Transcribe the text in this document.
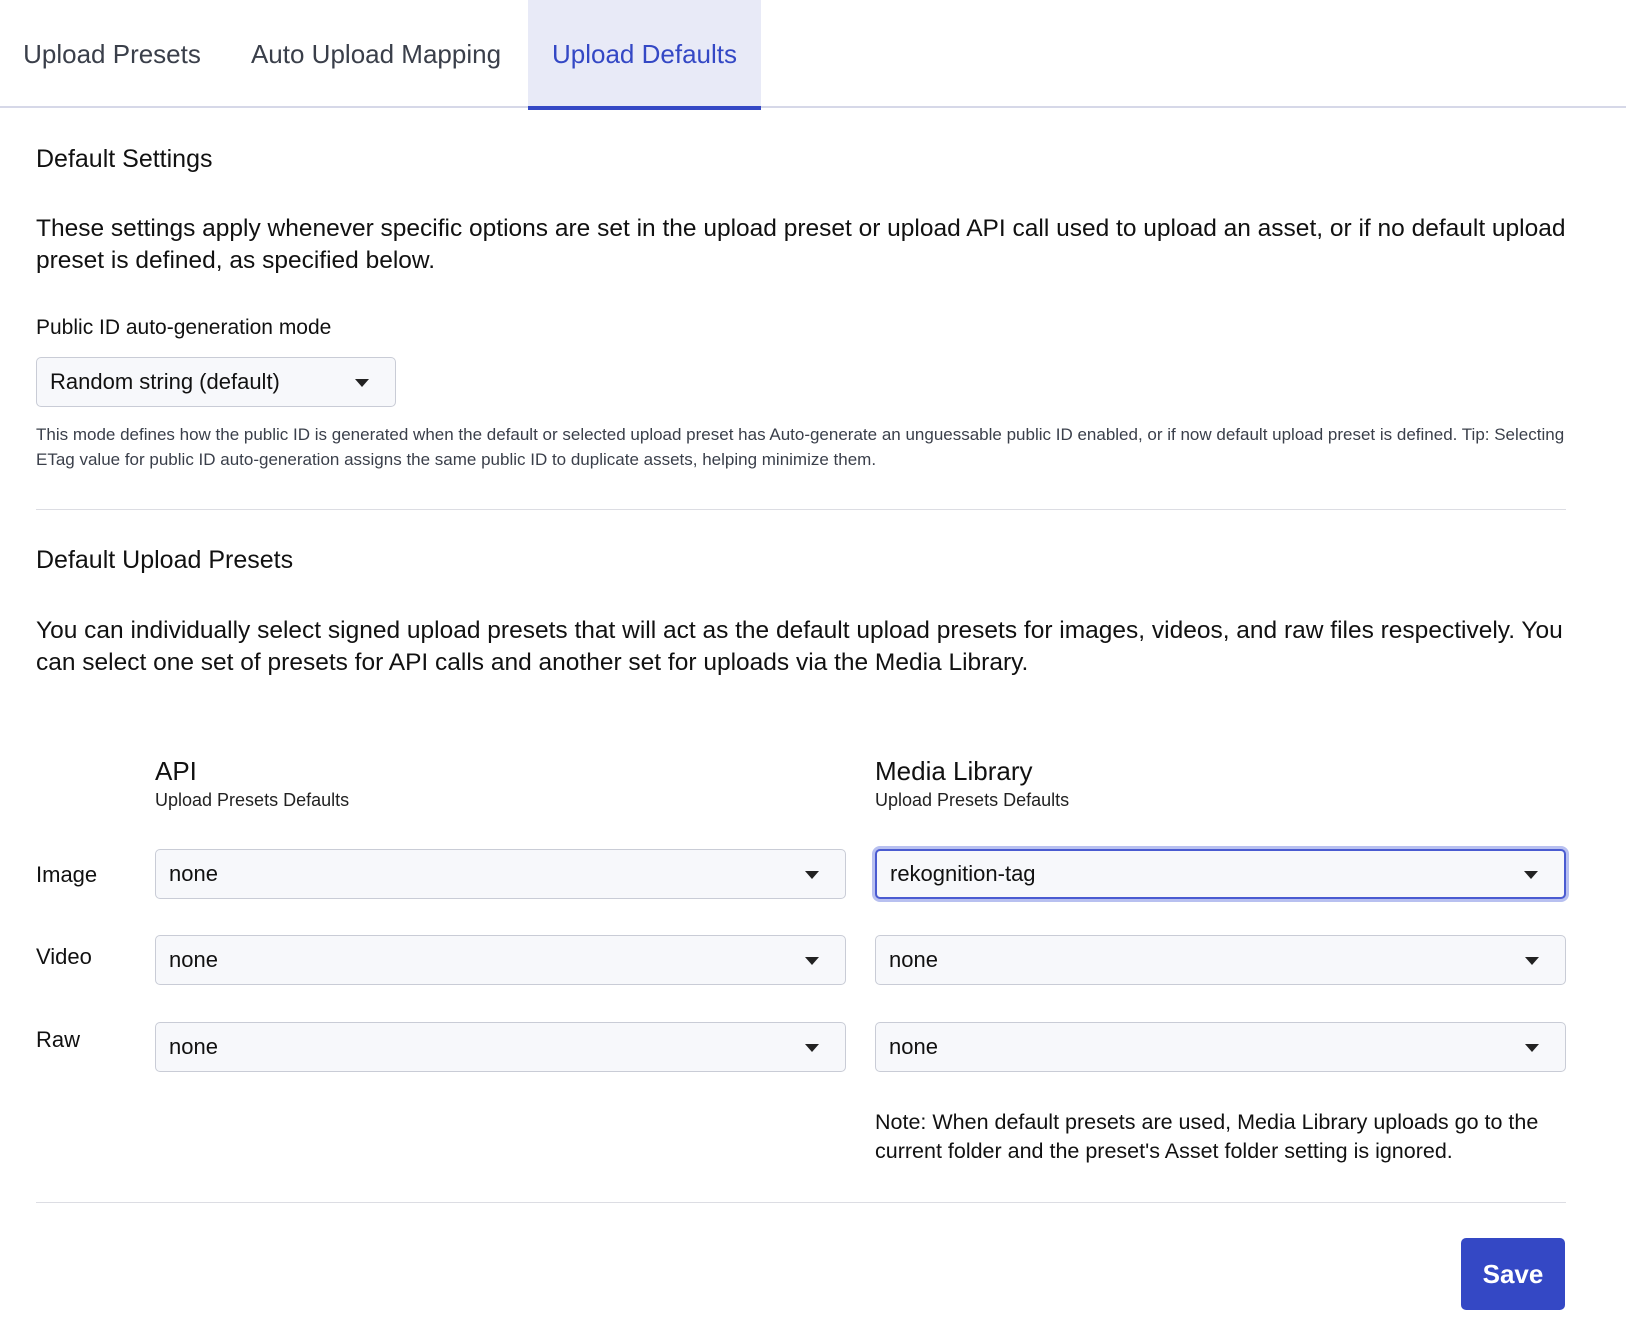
Upload Presets Auto Upload Mapping Upload Defaults
Default Settings
These settings apply whenever specific options are set in the upload preset or upload API call used to upload an asset, or if no default upload preset is defined, as specified below.
Public ID auto-generation mode
Random string (default)
This mode defines how the public ID is generated when the default or selected upload preset has Auto-generate an unguessable public ID enabled, or if now default upload preset is defined. Tip: Selecting ETag value for public ID auto-generation assigns the same public ID to duplicate assets, helping minimize them.
Default Upload Presets
You can individually select signed upload presets that will act as the default upload presets for images, videos, and raw files respectively. You can select one set of presets for API calls and another set for uploads via the Media Library.
API
Upload Presets Defaults
Media Library
Upload Presets Defaults
Image	none	rekognition-tag
Video	none	none
Raw	none	none
Note: When default presets are used, Media Library uploads go to the current folder and the preset's Asset folder setting is ignored.
Save
